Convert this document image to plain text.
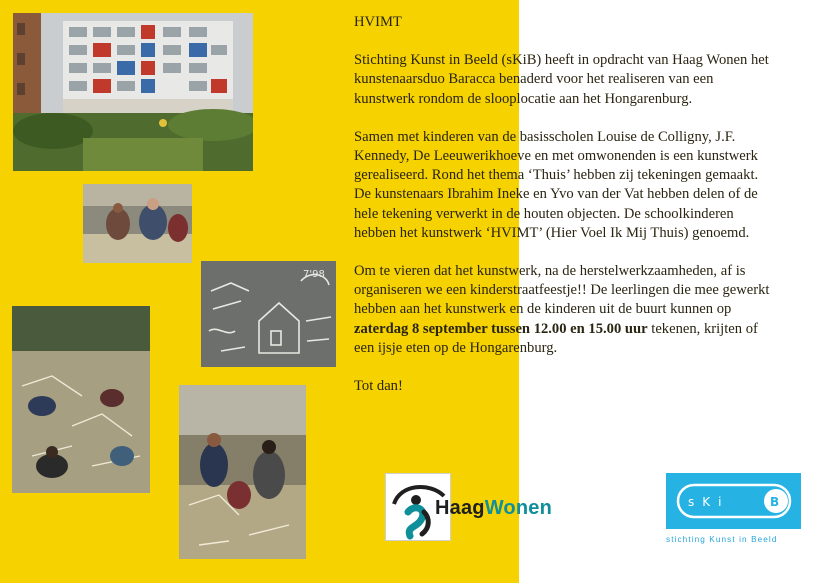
7'98

HVIMT

Stichting Kunst in Beeld (sKiB) heeft in opdracht van Haag Wonen het kunstenaarsduo Baracca benaderd voor het realiseren van een kunstwerk rondom de slooplocatie aan het Hongarenburg.

Samen met kinderen van de basisscholen Louise de Colligny, J.F. Kennedy, De Leeuwerikhoeve en met omwonenden is een kunstwerk gerealiseerd. Rond het thema ‘Thuis’ hebben zij tekeningen gemaakt. De kunstenaars Ibrahim Ineke en Yvo van der Vat hebben delen of de hele tekening verwerkt in de houten objecten. De schoolkinderen hebben het kunstwerk ‘HVIMT’ (Hier Voel Ik Mij Thuis) genoemd.

Om te vieren dat het kunstwerk, na de herstelwerkzaamheden, af is organiseren we een kinderstraatfeestje!! De leerlingen die mee gewerkt hebben aan het kunstwerk en de kinderen uit de buurt kunnen op zaterdag 8 september tussen 12.00 en 15.00 uur tekenen, krijten of een ijsje eten op de Hongarenburg.

Tot dan!

HaagWonen	sKi	B
stichting Kunst in Beeld
